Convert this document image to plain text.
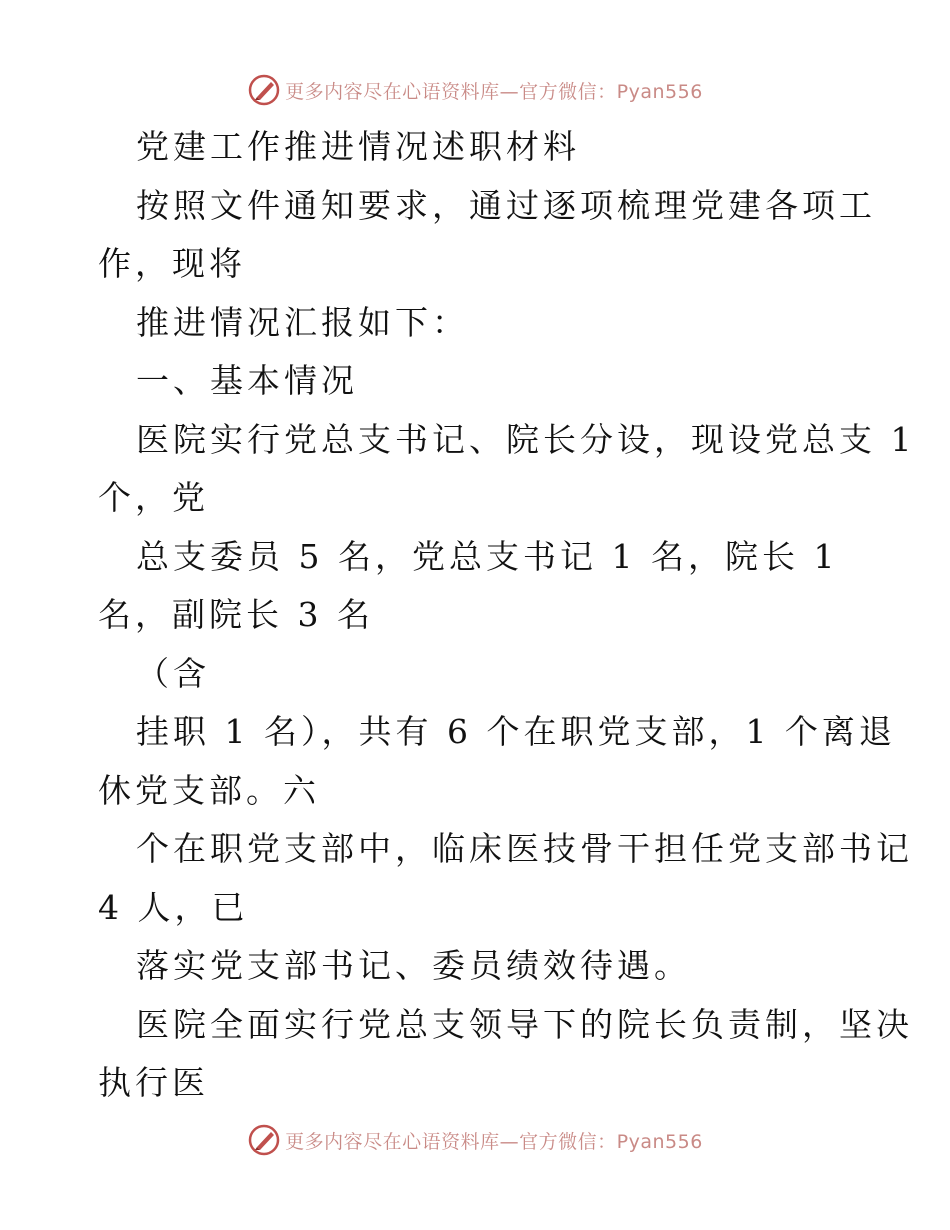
更多内容尽在心语资料库—官方微信：Pyan556
党建工作推进情况述职材料
按照文件通知要求，通过逐项梳理党建各项工
作，现将
推进情况汇报如下：
一、基本情况
医院实行党总支书记、院长分设，现设党总支 1
个，党
总支委员 5 名，党总支书记 1 名，院长 1
名，副院长 3 名
（含
挂职 1 名），共有 6 个在职党支部，1 个离退
休党支部。六
个在职党支部中，临床医技骨干担任党支部书记
4 人，已
落实党支部书记、委员绩效待遇。
医院全面实行党总支领导下的院长负责制，坚决
执行医
更多内容尽在心语资料库—官方微信：Pyan556
